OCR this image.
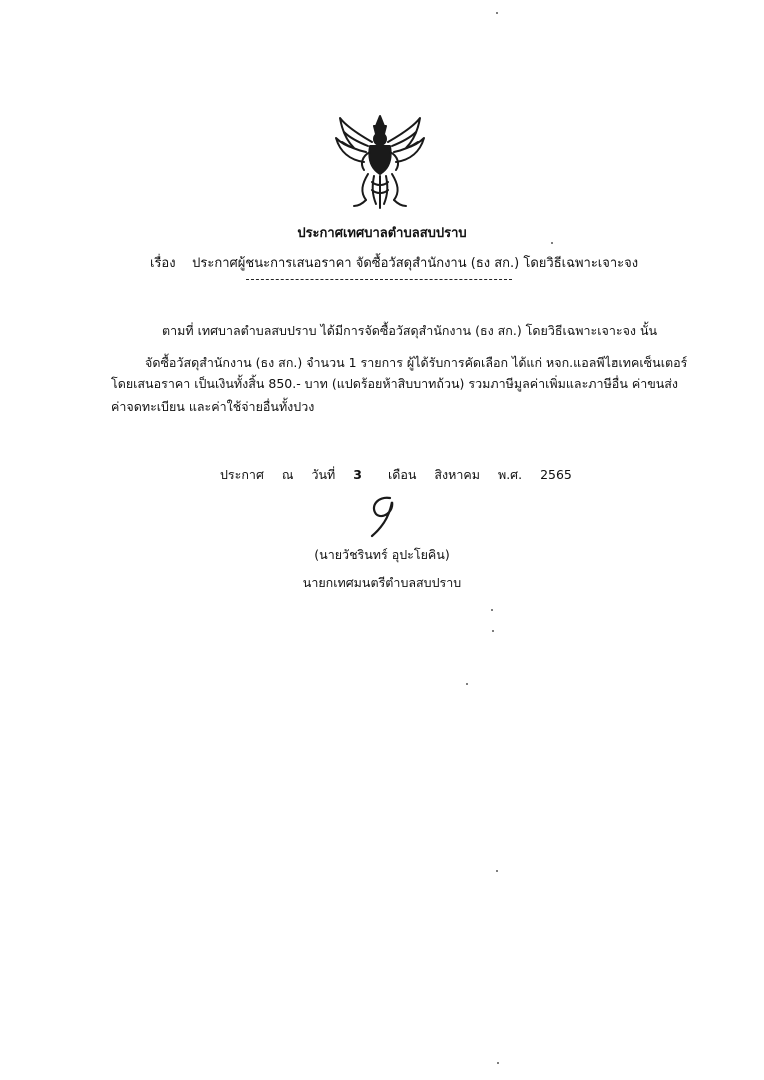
ประกาศเทศบาลตำบลสบปราบ
เรื่อง ประกาศผู้ชนะการเสนอราคา จัดซื้อวัสดุสำนักงาน (ธง สก.) โดยวิธีเฉพาะเจาะจง
ตามที่ เทศบาลตำบลสบปราบ ได้มีการจัดซื้อวัสดุสำนักงาน (ธง สก.) โดยวิธีเฉพาะเจาะจง นั้น
จัดซื้อวัสดุสำนักงาน (ธง สก.) จำนวน 1 รายการ ผู้ได้รับการคัดเลือก ได้แก่ หจก.แอลพีไฮเทคเซ็นเตอร์
โดยเสนอราคา เป็นเงินทั้งสิ้น 850.- บาท (แปดร้อยห้าสิบบาทถ้วน) รวมภาษีมูลค่าเพิ่มและภาษีอื่น ค่าขนส่ง
ค่าจดทะเบียน และค่าใช้จ่ายอื่นทั้งปวง
ประกาศ ณ วันที่ 3 เดือน สิงหาคม พ.ศ. 2565
(นายวัชรินทร์ อุปะโยคิน)
นายกเทศมนตรีตำบลสบปราบ
